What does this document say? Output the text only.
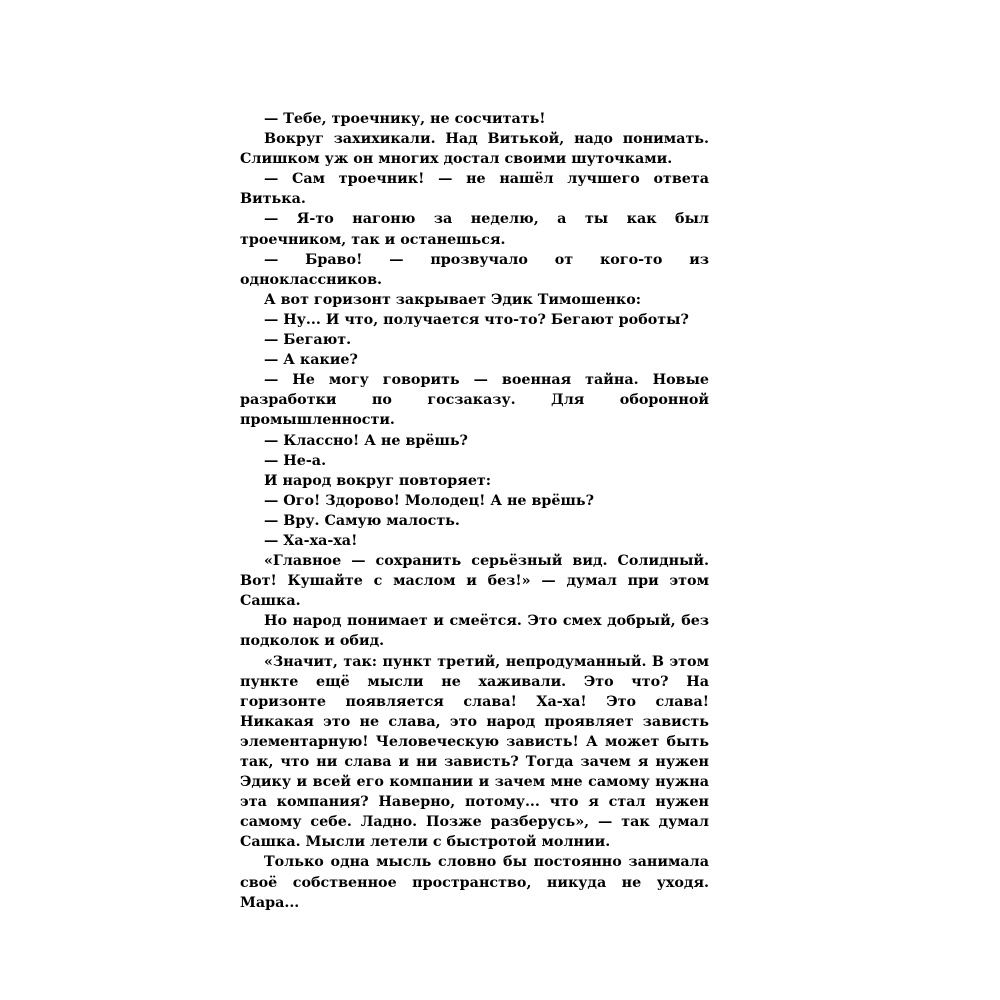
— Тебе, троечнику, не сосчитать!

Вокруг захихикали. Над Витькой, надо понимать. Слишком уж он многих достал своими шуточками.

— Сам троечник! — не нашёл лучшего ответа Витька.

— Я-то нагоню за неделю, а ты как был троечником, так и останешься.

— Браво! — прозвучало от кого-то из одноклассников.

А вот горизонт закрывает Эдик Тимошенко:

— Ну... И что, получается что-то? Бегают роботы?

— Бегают.

— А какие?

— Не могу говорить — военная тайна. Новые разработки по госзаказу. Для оборонной промышленности.

— Классно! А не врёшь?

— Не-а.

И народ вокруг повторяет:

— Ого! Здорово! Молодец! А не врёшь?

— Вру. Самую малость.

— Ха-ха-ха!

«Главное — сохранить серьёзный вид. Солидный. Вот! Кушайте с маслом и без!» — думал при этом Сашка.

Но народ понимает и смеётся. Это смех добрый, без подколок и обид.

«Значит, так: пункт третий, непродуманный. В этом пункте ещё мысли не хаживали. Это что? На горизонте появляется слава! Ха-ха! Это слава! Никакая это не слава, это народ проявляет зависть элементарную! Человеческую зависть! А может быть так, что ни слава и ни зависть? Тогда зачем я нужен Эдику и всей его компании и зачем мне самому нужна эта компания? Наверно, потому... что я стал нужен самому себе. Ладно. Позже разберусь», — так думал Сашка. Мысли летели с быстротой молнии.

Только одна мысль словно бы постоянно занимала своё собственное пространство, никуда не уходя. Мара...
